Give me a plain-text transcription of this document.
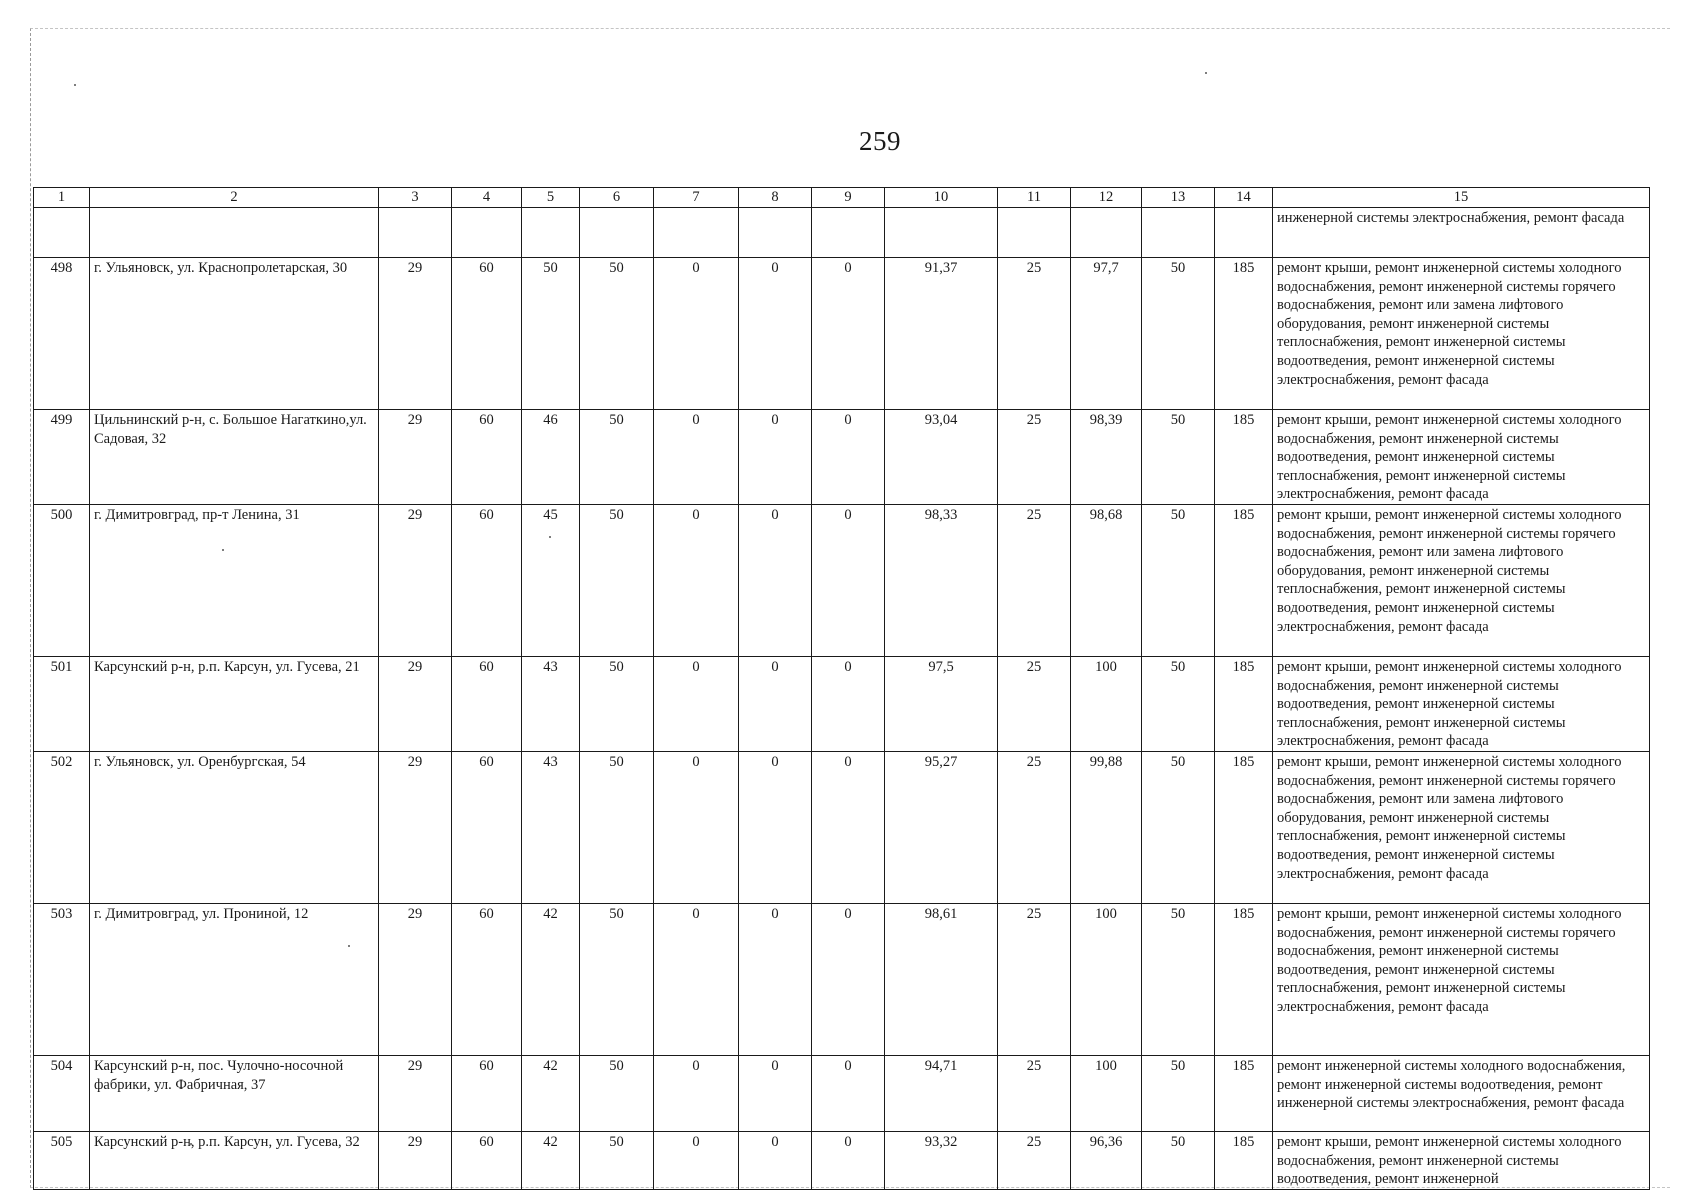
259
1	2	3	4	5	6	7	8	9	10	11	12	13	14	15
														инженерной системы электроснабжения, ремонт фасада
498	г. Ульяновск, ул. Краснопролетарская, 30	29	60	50	50	0	0	0	91,37	25	97,7	50	185	ремонт крыши, ремонт инженерной системы холодного водоснабжения, ремонт инженерной системы горячего водоснабжения, ремонт или замена лифтового оборудования, ремонт инженерной системы теплоснабжения, ремонт инженерной системы водоотведения, ремонт инженерной системы электроснабжения, ремонт фасада
499	Цильнинский р-н, с. Большое Нагаткино,ул. Садовая, 32	29	60	46	50	0	0	0	93,04	25	98,39	50	185	ремонт крыши, ремонт инженерной системы холодного водоснабжения, ремонт инженерной системы водоотведения, ремонт инженерной системы теплоснабжения, ремонт инженерной системы электроснабжения, ремонт фасада
500	г. Димитровград, пр-т Ленина, 31	29	60	45	50	0	0	0	98,33	25	98,68	50	185	ремонт крыши, ремонт инженерной системы холодного водоснабжения, ремонт инженерной системы горячего водоснабжения, ремонт или замена лифтового оборудования, ремонт инженерной системы теплоснабжения, ремонт инженерной системы водоотведения, ремонт инженерной системы электроснабжения, ремонт фасада
501	Карсунский р-н, р.п. Карсун, ул. Гусева, 21	29	60	43	50	0	0	0	97,5	25	100	50	185	ремонт крыши, ремонт инженерной системы холодного водоснабжения, ремонт инженерной системы водоотведения, ремонт инженерной системы теплоснабжения, ремонт инженерной системы электроснабжения, ремонт фасада
502	г. Ульяновск, ул. Оренбургская, 54	29	60	43	50	0	0	0	95,27	25	99,88	50	185	ремонт крыши, ремонт инженерной системы холодного водоснабжения, ремонт инженерной системы горячего водоснабжения, ремонт или замена лифтового оборудования, ремонт инженерной системы теплоснабжения, ремонт инженерной системы водоотведения, ремонт инженерной системы электроснабжения, ремонт фасада
503	г. Димитровград, ул. Прониной, 12	29	60	42	50	0	0	0	98,61	25	100	50	185	ремонт крыши, ремонт инженерной системы холодного водоснабжения, ремонт инженерной системы горячего водоснабжения, ремонт инженерной системы водоотведения, ремонт инженерной системы теплоснабжения, ремонт инженерной системы электроснабжения, ремонт фасада
504	Карсунский р-н, пос. Чулочно-носочной фабрики, ул. Фабричная, 37	29	60	42	50	0	0	0	94,71	25	100	50	185	ремонт инженерной системы холодного водоснабжения, ремонт инженерной системы водоотведения, ремонт инженерной системы электроснабжения, ремонт фасада
505	Карсунский р-н, р.п. Карсун, ул. Гусева, 32	29	60	42	50	0	0	0	93,32	25	96,36	50	185	ремонт крыши, ремонт инженерной системы холодного водоснабжения, ремонт инженерной системы водоотведения, ремонт инженерной
